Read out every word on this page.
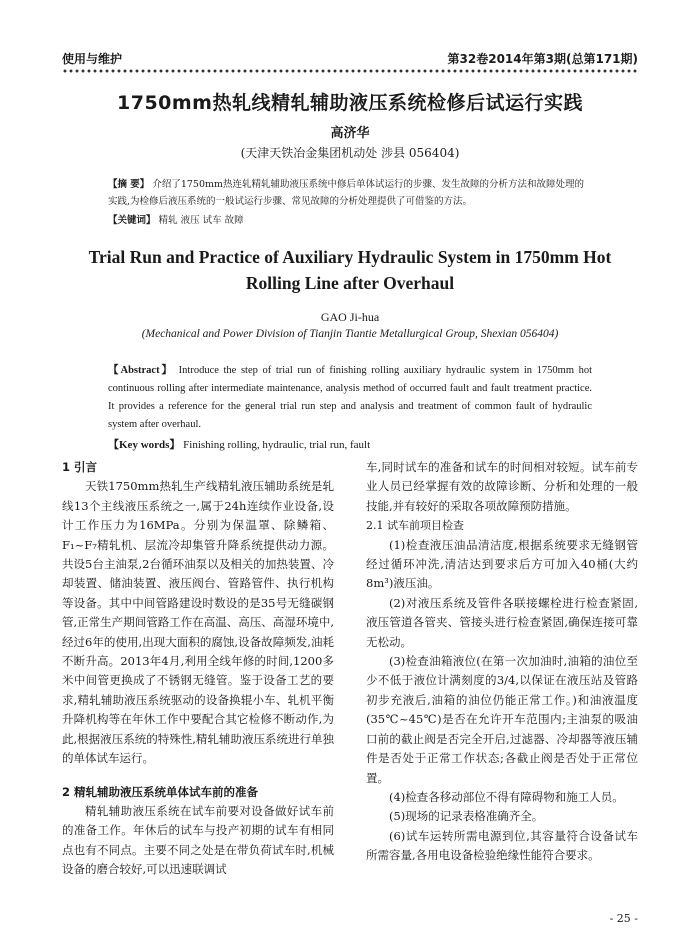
使用与维护	第32卷2014年第3期(总第171期)
1750mm热轧线精轧辅助液压系统检修后试运行实践
高济华
(天津天铁冶金集团机动处 涉县 056404)
【摘 要】 介绍了1750mm热连轧精轧辅助液压系统中修后单体试运行的步骤、发生故障的分析方法和故障处理的实践,为检修后液压系统的一般试运行步骤、常见故障的分析处理提供了可借鉴的方法。
【关键词】 精轧 液压 试车 故障
Trial Run and Practice of Auxiliary Hydraulic System in 1750mm Hot Rolling Line after Overhaul
GAO Ji-hua
(Mechanical and Power Division of Tianjin Tiantie Metallurgical Group, Shexian 056404)
【Abstract】 Introduce the step of trial run of finishing rolling auxiliary hydraulic system in 1750mm hot continuous rolling after intermediate maintenance, analysis method of occurred fault and fault treatment practice. It provides a reference for the general trial run step and analysis and treatment of common fault of hydraulic system after overhaul.
【Key words】 Finishing rolling, hydraulic, trial run, fault
1 引言

天铁1750mm热轧生产线精轧液压辅助系统是轧线13个主线液压系统之一,属于24h连续作业设备,设计工作压力为16MPa。分别为保温罩、除鳞箱、F₁~F₇精轧机、层流冷却集管升降系统提供动力源。共设5台主油泵,2台循环油泵以及相关的加热装置、冷却装置、储油装置、液压阀台、管路管件、执行机构等设备。其中中间管路建设时数设的是35号无缝碳钢管,正常生产期间管路工作在高温、高压、高湿环境中,经过6年的使用,出现大面积的腐蚀,设备故障频发,油耗不断升高。2013年4月,利用全线年修的时间,1200多米中间管更换成了不锈钢无缝管。鉴于设备工艺的要求,精轧辅助液压系统驱动的设备换辊小车、轧机平衡升降机构等在年休工作中要配合其它检修不断动作,为此,根据液压系统的特殊性,精轧辅助液压系统进行单独的单体试车运行。

2 精轧辅助液压系统单体试车前的准备

精轧辅助液压系统在试车前要对设备做好试车前的准备工作。年休后的试车与投产初期的试车有相同点也有不同点。主要不同之处是在带负荷试车时,机械设备的磨合较好,可以迅速联调试

车,同时试车的准备和试车的时间相对较短。试车前专业人员已经掌握有效的故障诊断、分析和处理的一般技能,并有较好的采取各项故障预防措施。

2.1 试车前项目检查

(1)检查液压油品清洁度,根据系统要求无缝钢管经过循环冲洗,清洁达到要求后方可加入40桶(大约8m³)液压油。

(2)对液压系统及管件各联接螺栓进行检查紧固,液压管道各管夹、管接头进行检查紧固,确保连接可靠无松动。

(3)检查油箱液位(在第一次加油时,油箱的油位至少不低于液位计满刻度的3/4,以保证在液压站及管路初步充液后,油箱的油位仍能正常工作。)和油液温度(35℃~45℃)是否在允许开车范围内;主油泵的吸油口前的截止阀是否完全开启,过滤器、冷却器等液压辅件是否处于正常工作状态;各截止阀是否处于正常位置。

(4)检查各移动部位不得有障碍物和施工人员。

(5)现场的记录表格准确齐全。

(6)试车运转所需电源到位,其容量符合设备试车所需容量,各用电设备检验绝缘性能符合要求。

- 25 -
